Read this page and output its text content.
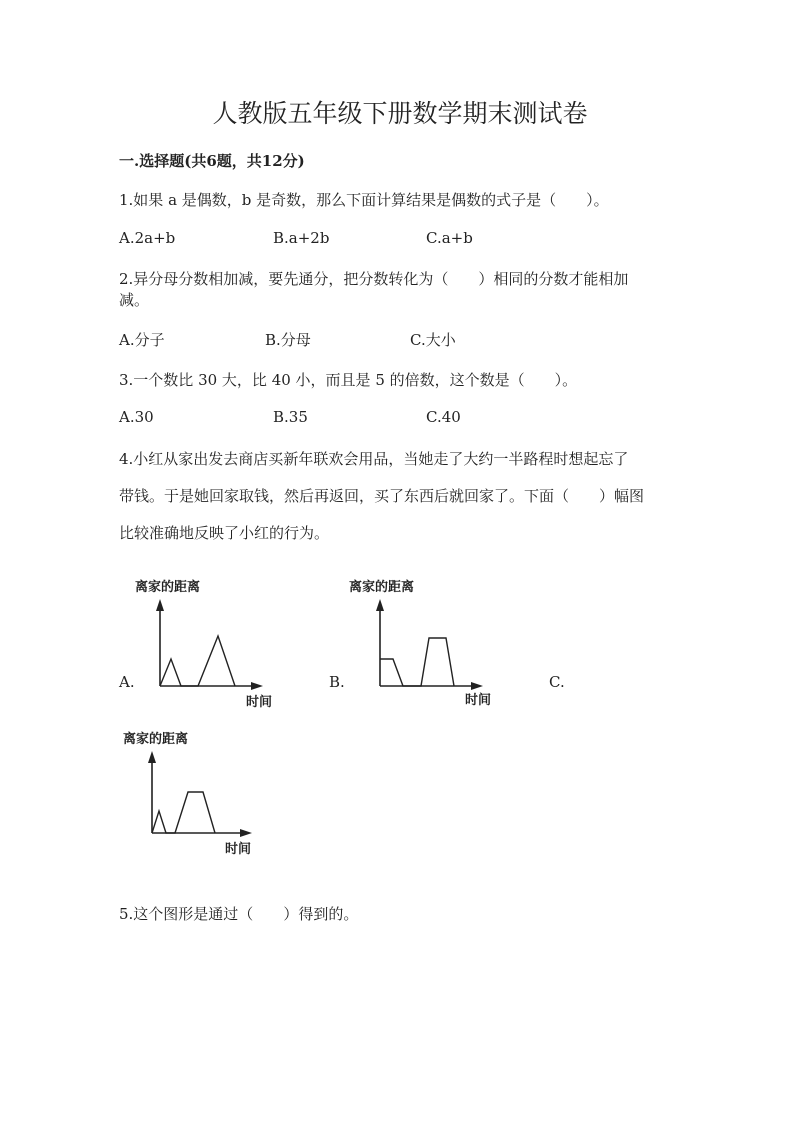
人教版五年级下册数学期末测试卷
一.选择题(共6题，共12分)
1.如果 a 是偶数，b 是奇数，那么下面计算结果是偶数的式子是（　　）。
A.2a+b	B.a+2b	C.a+b
2.异分母分数相加减，要先通分，把分数转化为（　　）相同的分数才能相加
减。
A.分子	B.分母	C.大小
3.一个数比 30 大，比 40 小，而且是 5 的倍数，这个数是（　　）。
A.30	B.35	C.40
4.小红从家出发去商店买新年联欢会用品，当她走了大约一半路程时想起忘了
带钱。于是她回家取钱，然后再返回，买了东西后就回家了。下面（　　）幅图
比较准确地反映了小红的行为。
A.	B.	C.
离家的距离
时间
离家的距离
时间
离家的距离
时间
5.这个图形是通过（　　）得到的。
